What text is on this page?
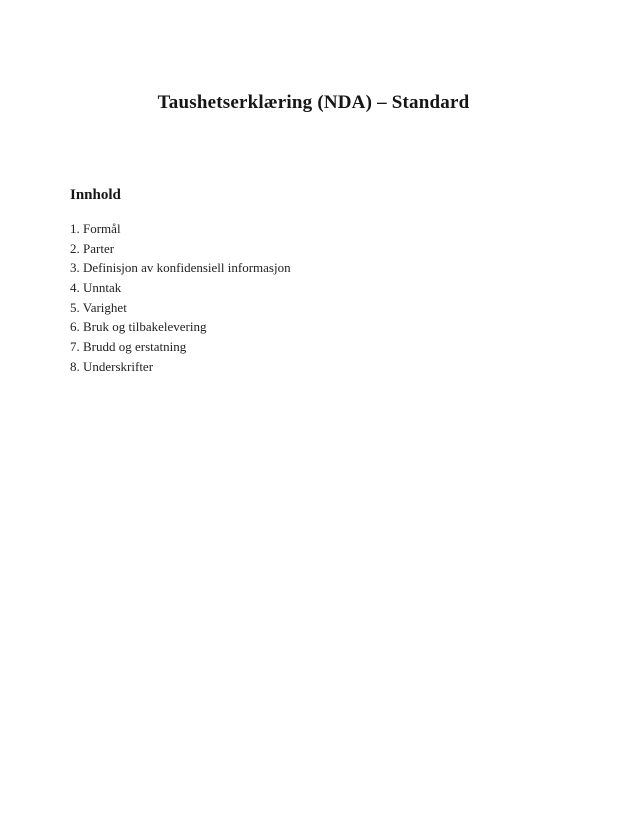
Taushetserklæring (NDA) – Standard
Innhold
1. Formål
2. Parter
3. Definisjon av konfidensiell informasjon
4. Unntak
5. Varighet
6. Bruk og tilbakelevering
7. Brudd og erstatning
8. Underskrifter
